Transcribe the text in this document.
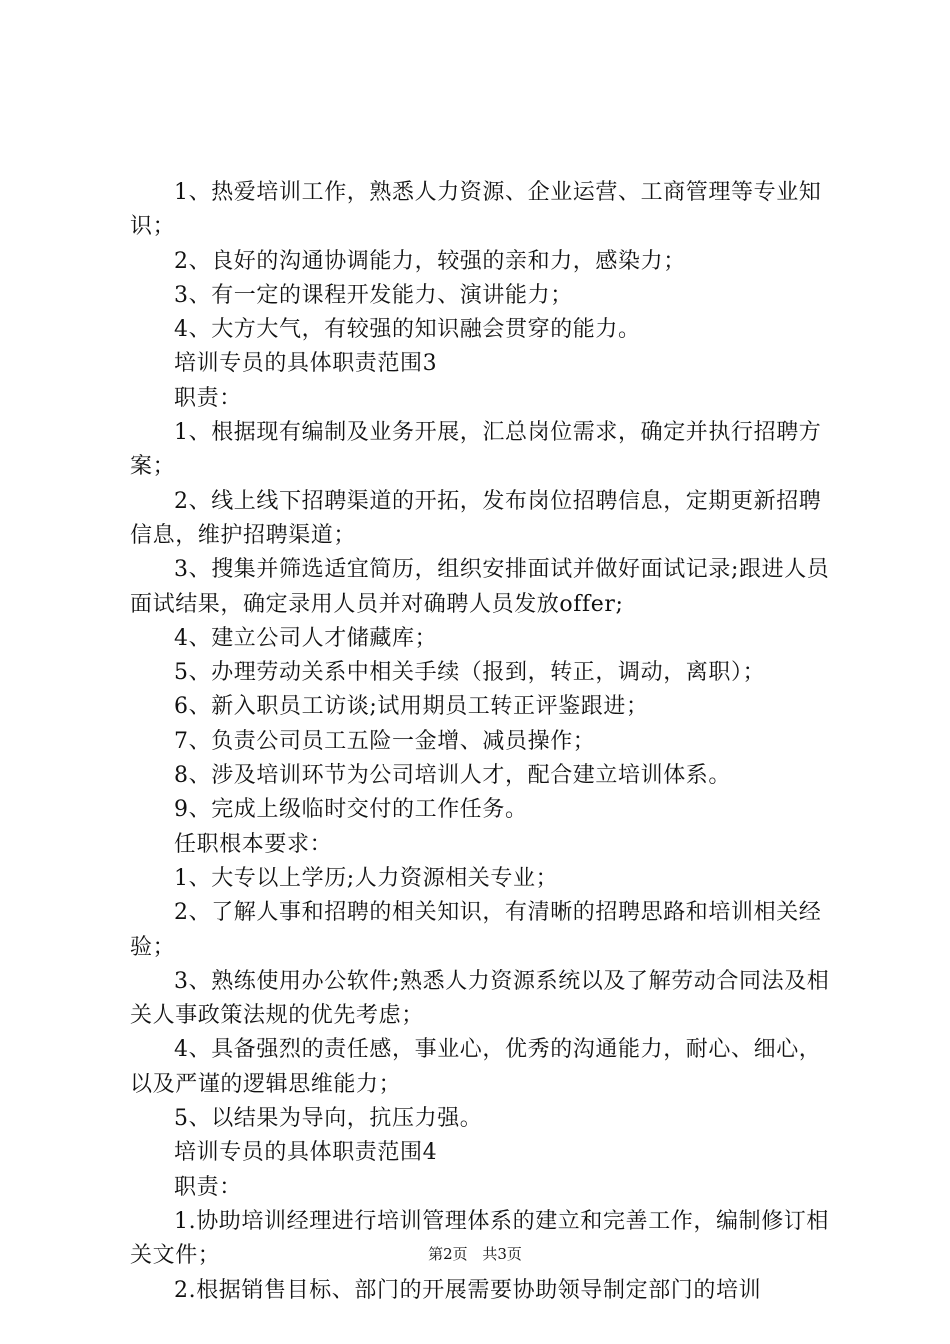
1、热爱培训工作，熟悉人力资源、企业运营、工商管理等专业知识；

2、良好的沟通协调能力，较强的亲和力，感染力；

3、有一定的课程开发能力、演讲能力；

4、大方大气，有较强的知识融会贯穿的能力。

培训专员的具体职责范围3

职责：

1、根据现有编制及业务开展，汇总岗位需求，确定并执行招聘方案；

2、线上线下招聘渠道的开拓，发布岗位招聘信息，定期更新招聘信息，维护招聘渠道；

3、搜集并筛选适宜简历，组织安排面试并做好面试记录;跟进人员面试结果，确定录用人员并对确聘人员发放offer;

4、建立公司人才储藏库；

5、办理劳动关系中相关手续（报到，转正，调动，离职）；

6、新入职员工访谈;试用期员工转正评鉴跟进；

7、负责公司员工五险一金增、减员操作；

8、涉及培训环节为公司培训人才，配合建立培训体系。

9、完成上级临时交付的工作任务。

任职根本要求：

1、大专以上学历;人力资源相关专业；

2、了解人事和招聘的相关知识，有清晰的招聘思路和培训相关经验；

3、熟练使用办公软件;熟悉人力资源系统以及了解劳动合同法及相关人事政策法规的优先考虑；

4、具备强烈的责任感，事业心，优秀的沟通能力，耐心、细心，以及严谨的逻辑思维能力；

5、以结果为导向，抗压力强。

培训专员的具体职责范围4

职责：

1.协助培训经理进行培训管理体系的建立和完善工作，编制修订相关文件；

2.根据销售目标、部门的开展需要协助领导制定部门的培训

第2页 共3页
